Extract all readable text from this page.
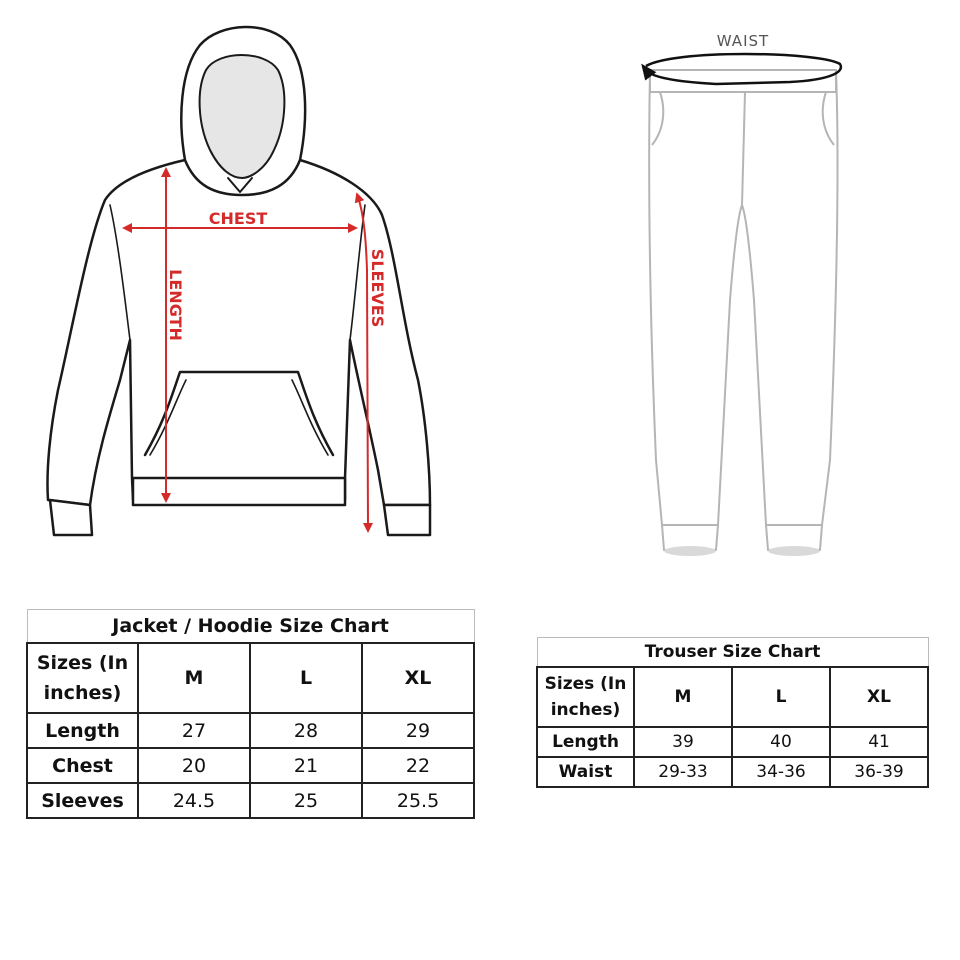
CHEST
LENGTH	SLEEVES
WAIST
Jacket / Hoodie Size Chart			
Sizes (In inches)	M	L	XL
Length	27	28	29
Chest	20	21	22
Sleeves	24.5	25	25.5
Trouser Size Chart			
Sizes (In inches)	M	L	XL
Length	39	40	41
Waist	29-33	34-36	36-39
